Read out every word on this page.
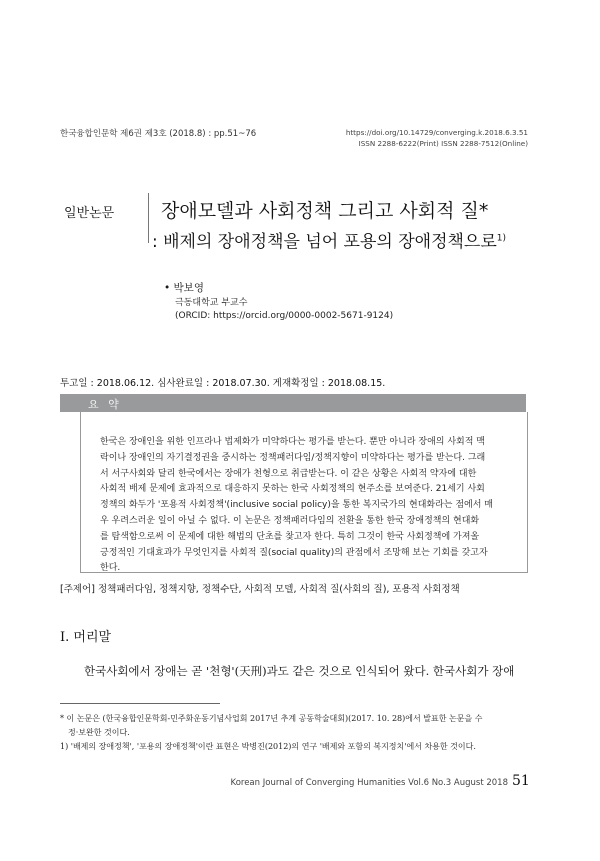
한국융합인문학 제6권 제3호 (2018.8) : pp.51~76	https://doi.org/10.14729/converging.k.2018.6.3.51
ISSN 2288-6222(Print) ISSN 2288-7512(Online)
일반논문 장애모델과 사회정책 그리고 사회적 질*
: 배제의 장애정책을 넘어 포용의 장애정책으로$^{1)}$
• 박보영
극동대학교 부교수
(ORCID: https://orcid.org/0000-0002-5671-9124)
투고일 : 2018.06.12. 심사완료일 : 2018.07.30. 게재확정일 : 2018.08.15.
요 약
한국은 장애인을 위한 인프라나 법제화가 미약하다는 평가를 받는다. 뿐만 아니라 장애의 사회적 맥
락이나 장애인의 자기결정권을 중시하는 정책패러다임/정책지향이 미약하다는 평가를 받는다. 그래
서 서구사회와 달리 한국에서는 장애가 천형으로 취급받는다. 이 같은 상황은 사회적 약자에 대한
사회적 배제 문제에 효과적으로 대응하지 못하는 한국 사회정책의 현주소를 보여준다. 21세기 사회
정책의 화두가 '포용적 사회정책'(inclusive social policy)을 통한 복지국가의 현대화라는 점에서 매
우 우려스러운 일이 아닐 수 없다. 이 논문은 정책패러다임의 전환을 통한 한국 장애정책의 현대화
를 탐색함으로써 이 문제에 대한 해법의 단초를 찾고자 한다. 특히 그것이 한국 사회정책에 가져올
긍정적인 기대효과가 무엇인지를 사회적 질(social quality)의 관점에서 조망해 보는 기회를 갖고자
한다.
[주제어] 정책패러다임, 정책지향, 정책수단, 사회적 모델, 사회적 질(사회의 질), 포용적 사회정책
I. 머리말
한국사회에서 장애는 곧 '천형'(天刑)과도 같은 것으로 인식되어 왔다. 한국사회가 장애
* 이 논문은 (한국융합인문학회-민주화운동기념사업회 2017년 추계 공동학술대회)(2017. 10. 28)에서 발표한 논문을 수
정·보완한 것이다.
1) '배제의 장애정책', '포용의 장애정책'이란 표현은 박병진(2012)의 연구 '배제와 포함의 복지정치'에서 차용한 것이다.
Korean Journal of Converging Humanities Vol.6 No.3 August 2018 51
